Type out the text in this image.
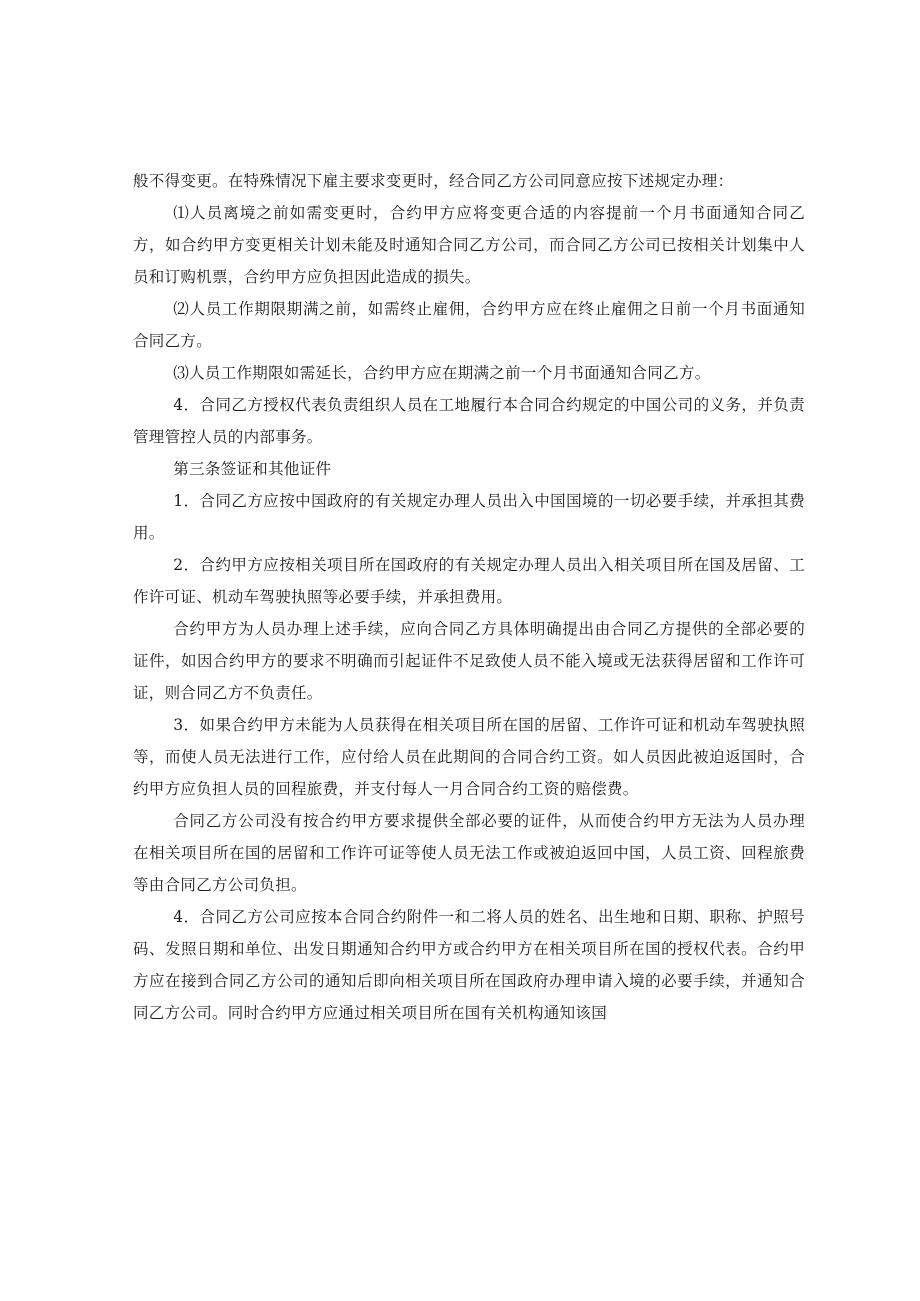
般不得变更。在特殊情况下雇主要求变更时，经合同乙方公司同意应按下述规定办理：

⑴人员离境之前如需变更时，合约甲方应将变更合适的内容提前一个月书面通知合同乙方，如合约甲方变更相关计划未能及时通知合同乙方公司，而合同乙方公司已按相关计划集中人员和订购机票，合约甲方应负担因此造成的损失。

⑵人员工作期限期满之前，如需终止雇佣，合约甲方应在终止雇佣之日前一个月书面通知合同乙方。

⑶人员工作期限如需延长，合约甲方应在期满之前一个月书面通知合同乙方。

4．合同乙方授权代表负责组织人员在工地履行本合同合约规定的中国公司的义务，并负责管理管控人员的内部事务。

第三条签证和其他证件

1．合同乙方应按中国政府的有关规定办理人员出入中国国境的一切必要手续，并承担其费用。

2．合约甲方应按相关项目所在国政府的有关规定办理人员出入相关项目所在国及居留、工作许可证、机动车驾驶执照等必要手续，并承担费用。

合约甲方为人员办理上述手续，应向合同乙方具体明确提出由合同乙方提供的全部必要的证件，如因合约甲方的要求不明确而引起证件不足致使人员不能入境或无法获得居留和工作许可证，则合同乙方不负责任。

3．如果合约甲方未能为人员获得在相关项目所在国的居留、工作许可证和机动车驾驶执照等，而使人员无法进行工作，应付给人员在此期间的合同合约工资。如人员因此被迫返国时，合约甲方应负担人员的回程旅费，并支付每人一月合同合约工资的赔偿费。

合同乙方公司没有按合约甲方要求提供全部必要的证件，从而使合约甲方无法为人员办理在相关项目所在国的居留和工作许可证等使人员无法工作或被迫返回中国，人员工资、回程旅费等由合同乙方公司负担。

4．合同乙方公司应按本合同合约附件一和二将人员的姓名、出生地和日期、职称、护照号码、发照日期和单位、出发日期通知合约甲方或合约甲方在相关项目所在国的授权代表。合约甲方应在接到合同乙方公司的通知后即向相关项目所在国政府办理申请入境的必要手续，并通知合同乙方公司。同时合约甲方应通过相关项目所在国有关机构通知该国
